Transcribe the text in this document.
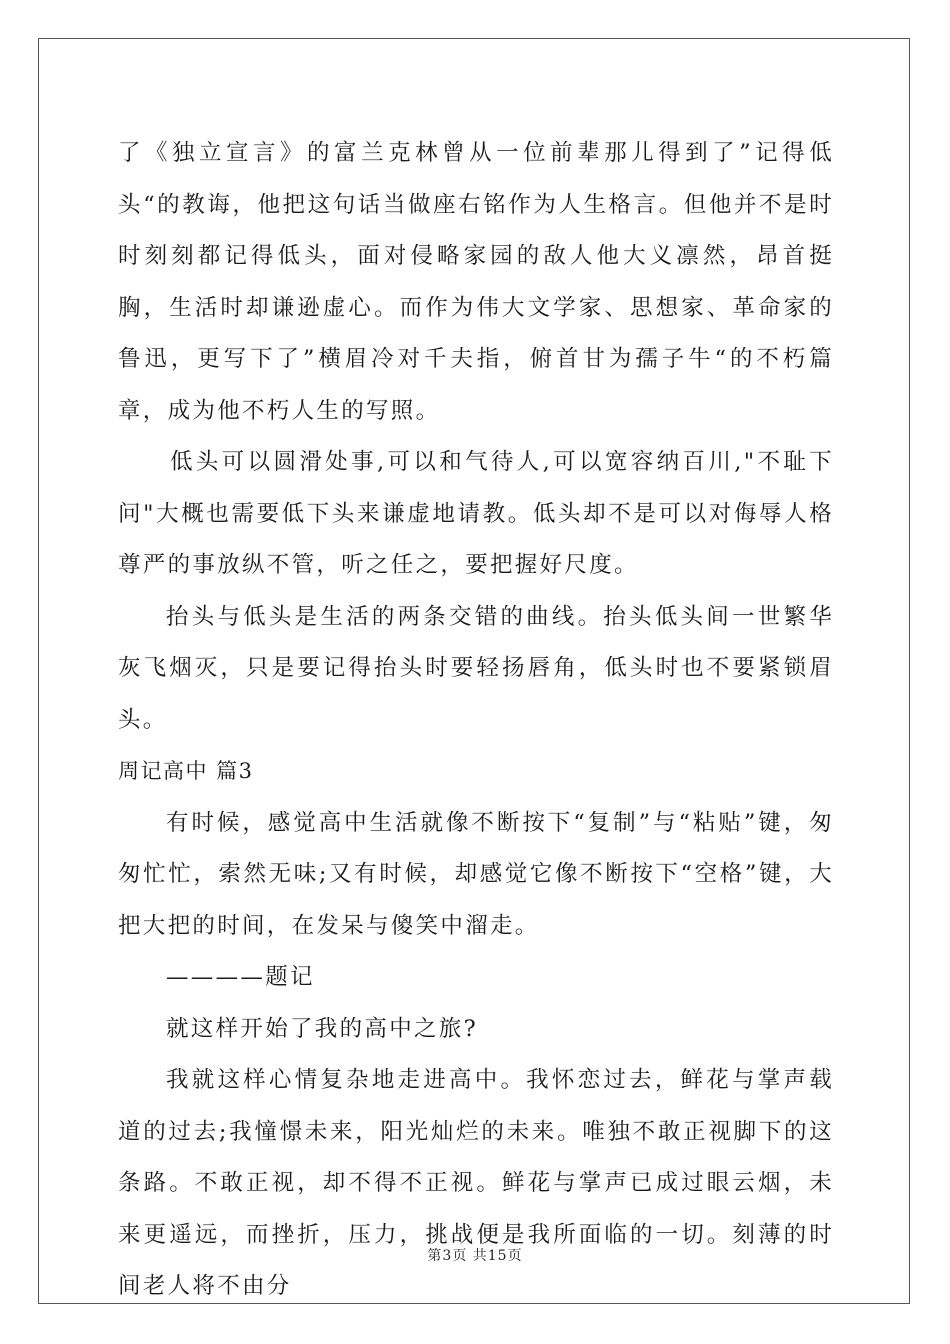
了《独立宣言》的富兰克林曾从一位前辈那儿得到了”记得低头“的教诲，他把这句话当做座右铭作为人生格言。但他并不是时时刻刻都记得低头，面对侵略家园的敌人他大义凛然，昂首挺胸，生活时却谦逊虚心。而作为伟大文学家、思想家、革命家的鲁迅，更写下了”横眉冷对千夫指，俯首甘为孺子牛“的不朽篇章，成为他不朽人生的写照。

低头可以圆滑处事,可以和气待人,可以宽容纳百川,"不耻下问"大概也需要低下头来谦虚地请教。低头却不是可以对侮辱人格尊严的事放纵不管，听之任之，要把握好尺度。

抬头与低头是生活的两条交错的曲线。抬头低头间一世繁华灰飞烟灭，只是要记得抬头时要轻扬唇角，低头时也不要紧锁眉头。

周记高中 篇3

有时候，感觉高中生活就像不断按下“复制”与“粘贴”键，匆匆忙忙，索然无味;又有时候，却感觉它像不断按下“空格”键，大把大把的时间，在发呆与傻笑中溜走。

————题记

就这样开始了我的高中之旅?

我就这样心情复杂地走进高中。我怀恋过去，鲜花与掌声载道的过去;我憧憬未来，阳光灿烂的未来。唯独不敢正视脚下的这条路。不敢正视，却不得不正视。鲜花与掌声已成过眼云烟，未来更遥远，而挫折，压力，挑战便是我所面临的一切。刻薄的时间老人将不由分

第3页 共15页
